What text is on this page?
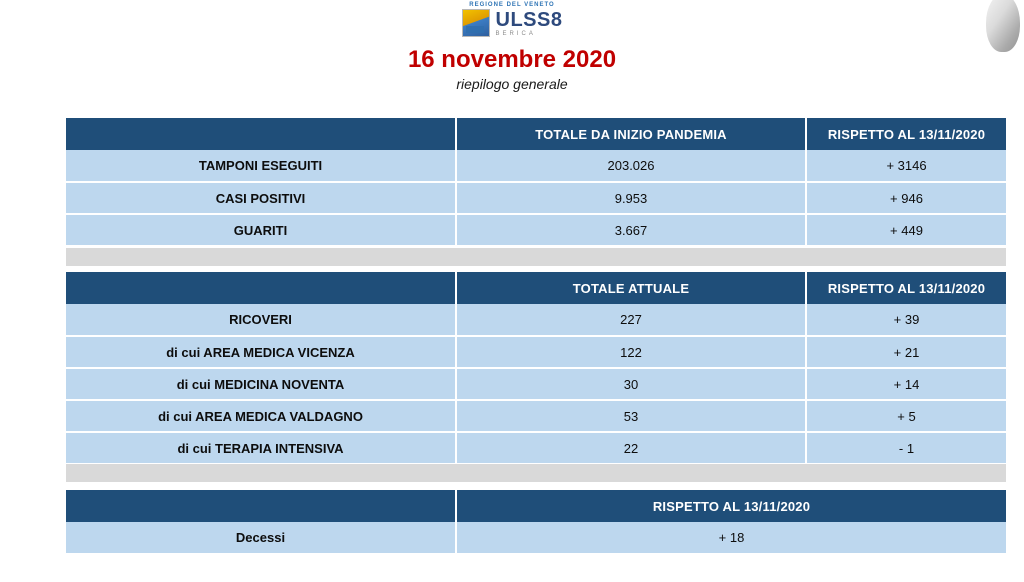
REGIONE DEL VENETO
ULSS8
BERICA
16 novembre 2020
riepilogo generale
	TOTALE DA INIZIO PANDEMIA	RISPETTO AL 13/11/2020
TAMPONI ESEGUITI	203.026	+ 3146
CASI POSITIVI	9.953	+ 946
GUARITI	3.667	+ 449
	TOTALE ATTUALE	RISPETTO AL 13/11/2020
RICOVERI	227	+ 39
di cui AREA MEDICA VICENZA	122	+ 21
di cui MEDICINA NOVENTA	30	+ 14
di cui AREA MEDICA VALDAGNO	53	+ 5
di cui TERAPIA INTENSIVA	22	- 1
	RISPETTO AL 13/11/2020
Decessi	+ 18
